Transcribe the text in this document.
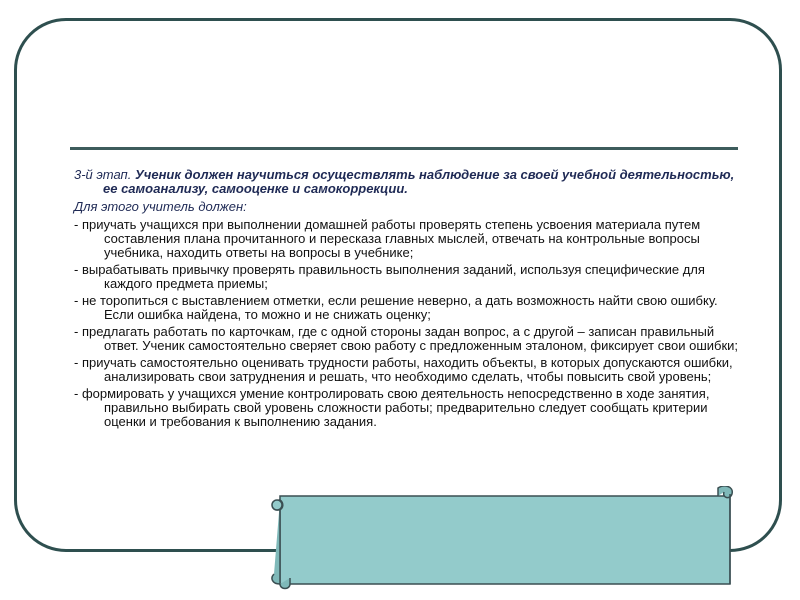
3-й этап. Ученик должен научиться осуществлять наблюдение за своей учебной деятельностью, ее самоанализу, самооценке и самокоррекции.

Для этого учитель должен:

- приучать учащихся при выполнении домашней работы проверять степень усвоения материала путем составления плана прочитанного и пересказа главных мыслей, отвечать на контрольные вопросы учебника, находить ответы на вопросы в учебнике;
- вырабатывать привычку проверять правильность выполнения заданий, используя специфические для каждого предмета приемы;
- не торопиться с выставлением отметки, если решение неверно, а дать возможность найти свою ошибку. Если ошибка найдена, то можно и не снижать оценку;
- предлагать работать по карточкам, где с одной стороны задан вопрос, а с другой – записан правильный ответ. Ученик самостоятельно сверяет свою работу с предложенным эталоном, фиксирует свои ошибки;
- приучать самостоятельно оценивать трудности работы, находить объекты, в которых допускаются ошибки, анализировать свои затруднения и решать, что необходимо сделать, чтобы повысить свой уровень;
- формировать у учащихся умение контролировать свою деятельность непосредственно в ходе занятия, правильно выбирать свой уровень сложности работы; предварительно следует сообщать критерии оценки и требования к выполнению задания.
